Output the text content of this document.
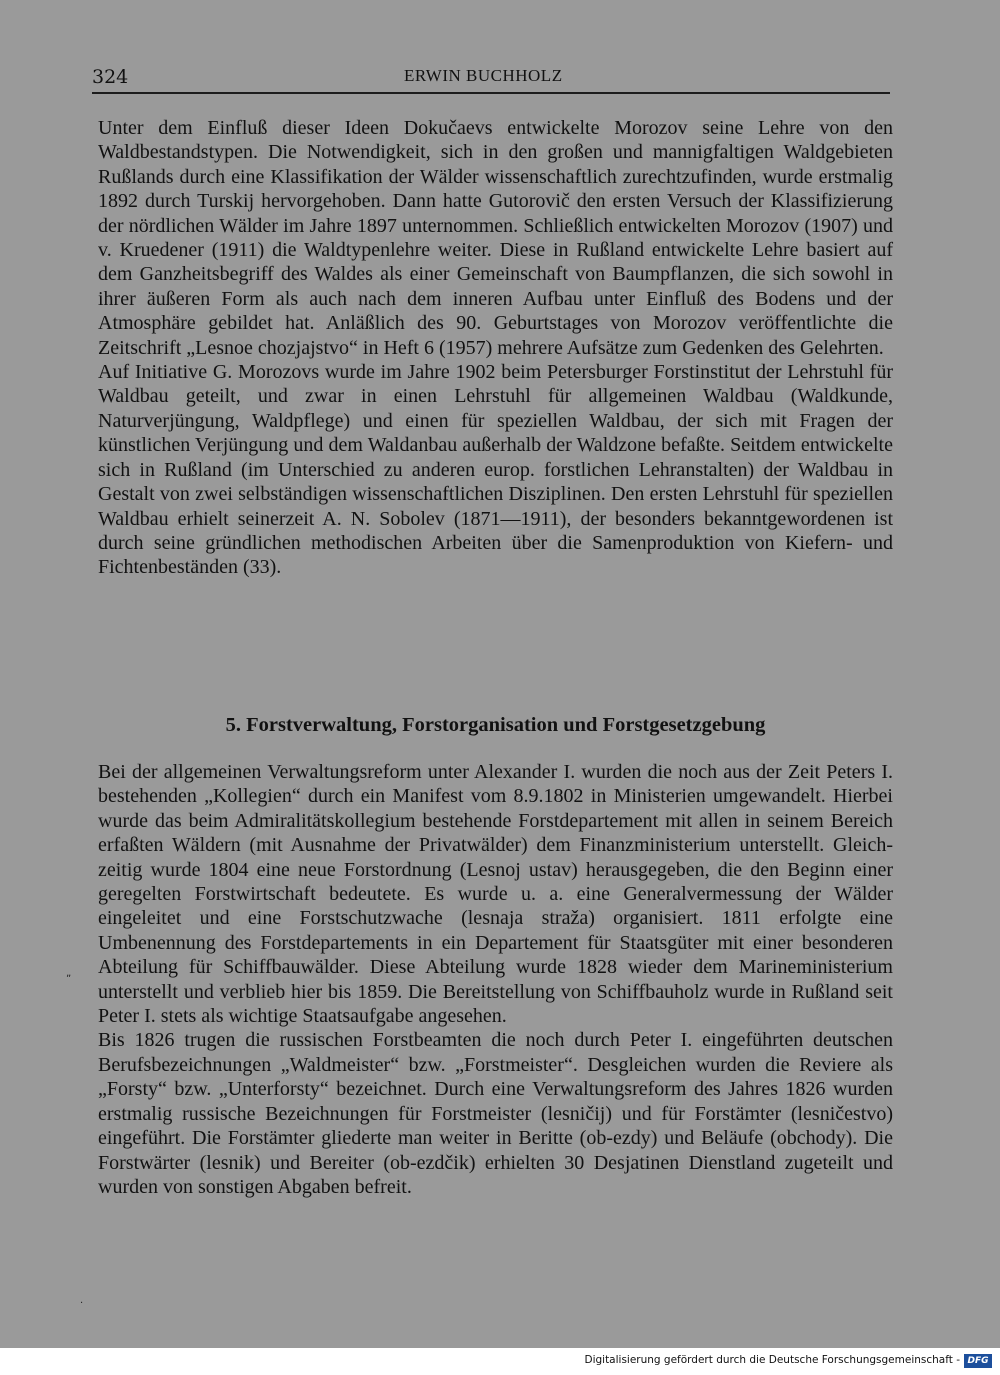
324	ERWIN BUCHHOLZ

Unter dem Einfluß dieser Ideen Dokučaevs entwickelte Morozov seine Lehre von den Waldbestandstypen. Die Notwendigkeit, sich in den großen und mannigfaltigen Waldgebieten Rußlands durch eine Klassifikation der Wälder wissenschaftlich zurechtzufinden, wurde erstmalig 1892 durch Turskij hervorgehoben. Dann hatte Gutorovič den ersten Versuch der Klassifizierung der nördlichen Wälder im Jahre 1897 unternommen. Schließlich entwickelten Morozov (1907) und v. Kruedener (1911) die Waldtypenlehre weiter. Diese in Rußland entwickelte Lehre basiert auf dem Ganzheitsbegriff des Waldes als einer Gemeinschaft von Baumpflanzen, die sich sowohl in ihrer äußeren Form als auch nach dem inneren Aufbau unter Einfluß des Bodens und der Atmosphäre gebildet hat. Anläßlich des 90. Geburtstages von Morozov veröffentlichte die Zeitschrift „Lesnoe chozjajstvo“ in Heft 6 (1957) mehrere Aufsätze zum Gedenken des Gelehrten.

Auf Initiative G. Morozovs wurde im Jahre 1902 beim Petersburger Forstinstitut der Lehrstuhl für Waldbau geteilt, und zwar in einen Lehrstuhl für allgemeinen Waldbau (Waldkunde, Naturverjüngung, Waldpflege) und einen für speziellen Waldbau, der sich mit Fragen der künstlichen Verjüngung und dem Waldanbau außerhalb der Waldzone befaßte. Seitdem entwickelte sich in Rußland (im Unterschied zu anderen europ. forstlichen Lehranstalten) der Waldbau in Gestalt von zwei selbständigen wissenschaftlichen Disziplinen. Den ersten Lehrstuhl für speziellen Waldbau erhielt seinerzeit A. N. Sobolev (1871—1911), der besonders bekanntgewordenen ist durch seine gründlichen methodischen Arbeiten über die Samenproduktion von Kiefern- und Fichtenbeständen (33).

5. Forstverwaltung, Forstorganisation und Forstgesetzgebung

Bei der allgemeinen Verwaltungsreform unter Alexander I. wurden die noch aus der Zeit Peters I. bestehenden „Kollegien“ durch ein Manifest vom 8.9.1802 in Ministerien umgewandelt. Hierbei wurde das beim Admiralitätskollegium bestehende Forstdepartement mit allen in seinem Bereich erfaßten Wäldern (mit Ausnahme der Privatwälder) dem Finanzministerium unterstellt. Gleichzeitig wurde 1804 eine neue Forstordnung (Lesnoj ustav) herausgegeben, die den Beginn einer geregelten Forstwirtschaft bedeutete. Es wurde u. a. eine Generalvermessung der Wälder eingeleitet und eine Forstschutzwache (lesnaja straža) organisiert. 1811 erfolgte eine Umbenennung des Forstdepartements in ein Departement für Staatsgüter mit einer besonderen Abteilung für Schiffbauwälder. Diese Abteilung wurde 1828 wieder dem Marineministerium unterstellt und verblieb hier bis 1859. Die Bereitstellung von Schiffbauholz wurde in Rußland seit Peter I. stets als wichtige Staatsaufgabe angesehen.

Bis 1826 trugen die russischen Forstbeamten die noch durch Peter I. eingeführten deutschen Berufsbezeichnungen „Waldmeister“ bzw. „Forstmeister“. Desgleichen wurden die Reviere als „Forsty“ bzw. „Unterforsty“ bezeichnet. Durch eine Verwaltungsreform des Jahres 1826 wurden erstmalig russische Bezeichnungen für Forstmeister (lesničij) und für Forstämter (lesničestvo) eingeführt. Die Forstämter gliederte man weiter in Beritte (ob-ezdy) und Beläufe (obchody). Die Forstwärter (lesnik) und Bereiter (ob-ezdčik) erhielten 30 Desjatinen Dienstland zugeteilt und wurden von sonstigen Abgaben befreit.

„
·
Digitalisierung gefördert durch die Deutsche Forschungsgemeinschaft - DFG
